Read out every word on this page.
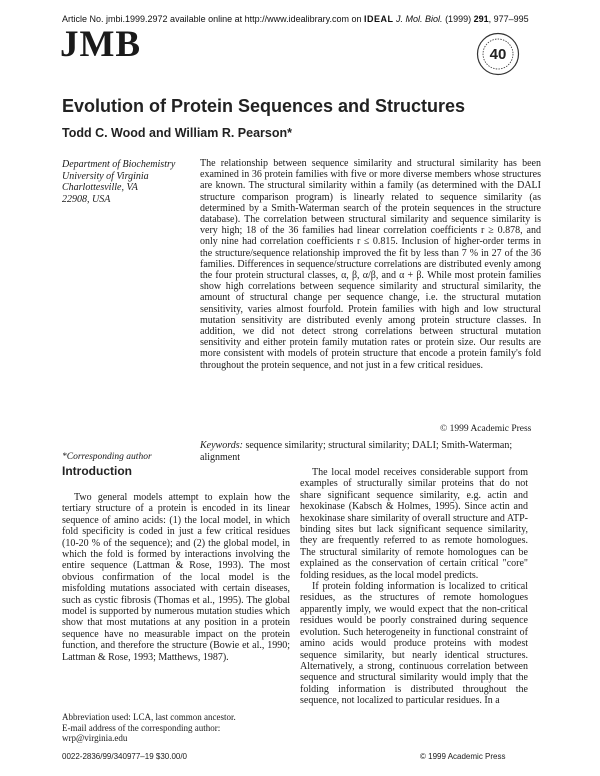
Article No. jmbi.1999.2972 available online at http://www.idealibrary.com on IDEAL J. Mol. Biol. (1999) 291, 977–995
JMB	40
Evolution of Protein Sequences and Structures
Todd C. Wood and William R. Pearson*
Department of Biochemistry
University of Virginia
Charlottesville, VA
22908, USA

The relationship between sequence similarity and structural similarity has been examined in 36 protein families with five or more diverse members whose structures are known. The structural similarity within a family (as determined with the DALI structure comparison program) is linearly related to sequence similarity (as determined by a Smith-Waterman search of the protein sequences in the structure database). The correlation between structural similarity and sequence similarity is very high; 18 of the 36 families had linear correlation coefficients r ≥ 0.878, and only nine had correlation coefficients r ≤ 0.815. Inclusion of higher-order terms in the structure/sequence relationship improved the fit by less than 7 % in 27 of the 36 families. Differences in sequence/structure correlations are distributed evenly among the four protein structural classes, α, β, α/β, and α + β. While most protein families show high correlations between sequence similarity and structural similarity, the amount of structural change per sequence change, i.e. the structural mutation sensitivity, varies almost fourfold. Protein families with high and low structural mutation sensitivity are distributed evenly among protein structure classes. In addition, we did not detect strong correlations between structural mutation sensitivity and either protein family mutation rates or protein size. Our results are more consistent with models of protein structure that encode a protein family's fold throughout the protein sequence, and not just in a few critical residues.

© 1999 Academic Press
*Corresponding author

Keywords: sequence similarity; structural similarity; DALI; Smith-Waterman; alignment

Introduction

Two general models attempt to explain how the tertiary structure of a protein is encoded in its linear sequence of amino acids: (1) the local model, in which fold specificity is coded in just a few critical residues (10-20 % of the sequence); and (2) the global model, in which the fold is formed by interactions involving the entire sequence (Lattman & Rose, 1993). The most obvious confirmation of the local model is the misfolding mutations associated with certain diseases, such as cystic fibrosis (Thomas et al., 1995). The global model is supported by numerous mutation studies which show that most mutations at any position in a protein sequence have no measurable impact on the protein function, and therefore the structure (Bowie et al., 1990; Lattman & Rose, 1993; Matthews, 1987).

The local model receives considerable support from examples of structurally similar proteins that do not share significant sequence similarity, e.g. actin and hexokinase (Kabsch & Holmes, 1995). Since actin and hexokinase share similarity of overall structure and ATP-binding sites but lack significant sequence similarity, they are frequently referred to as remote homologues. The structural similarity of remote homologues can be explained as the conservation of certain critical "core" folding residues, as the local model predicts.

If protein folding information is localized to critical residues, as the structures of remote homologues apparently imply, we would expect that the non-critical residues would be poorly constrained during sequence evolution. Such heterogeneity in functional constraint of amino acids would produce proteins with modest sequence similarity, but nearly identical structures. Alternatively, a strong, continuous correlation between sequence and structural similarity would imply that the folding information is distributed throughout the sequence, not localized to particular residues. In a

Abbreviation used: LCA, last common ancestor.
E-mail address of the corresponding author:
wrp@virginia.edu
0022-2836/99/340977–19 $30.00/0	© 1999 Academic Press
